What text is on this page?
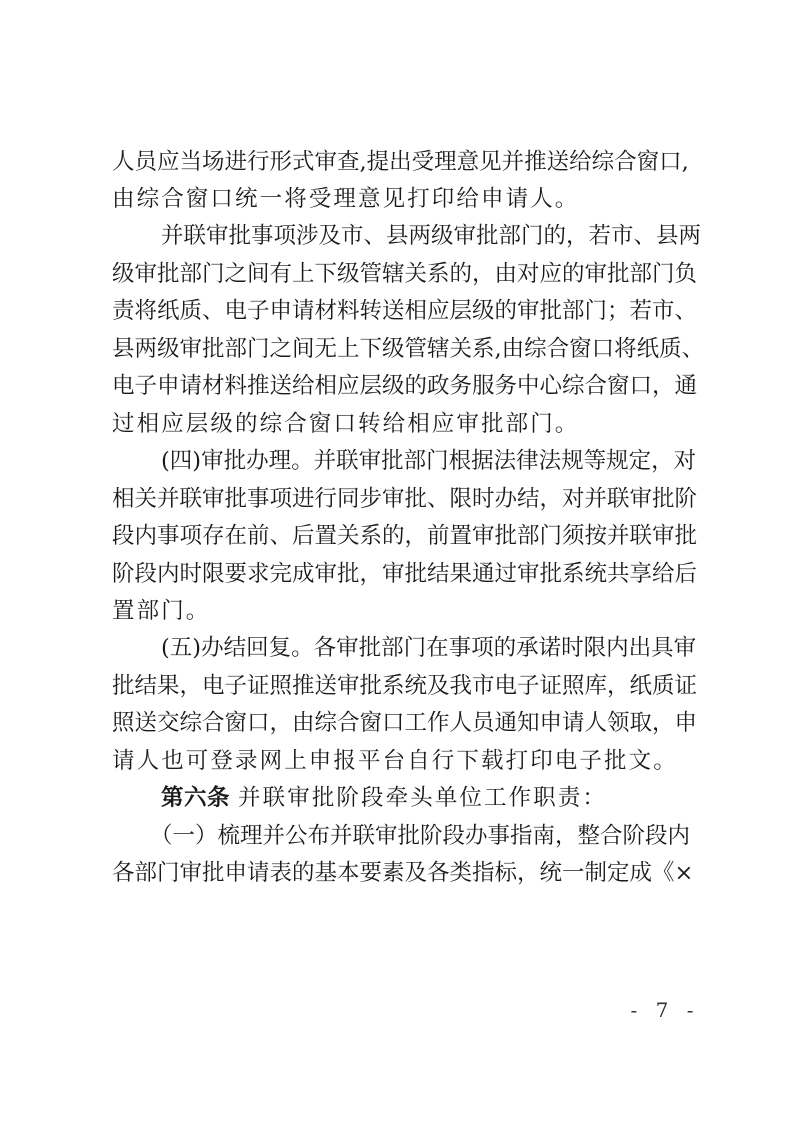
人员应当场进行形式审查,提出受理意见并推送给综合窗口,
由综合窗口统一将受理意见打印给申请人。
并联审批事项涉及市、县两级审批部门的，若市、县两
级审批部门之间有上下级管辖关系的，由对应的审批部门负
责将纸质、电子申请材料转送相应层级的审批部门；若市、
县两级审批部门之间无上下级管辖关系,由综合窗口将纸质、
电子申请材料推送给相应层级的政务服务中心综合窗口，通
过相应层级的综合窗口转给相应审批部门。
(四)审批办理。并联审批部门根据法律法规等规定，对
相关并联审批事项进行同步审批、限时办结，对并联审批阶
段内事项存在前、后置关系的，前置审批部门须按并联审批
阶段内时限要求完成审批，审批结果通过审批系统共享给后
置部门。
(五)办结回复。各审批部门在事项的承诺时限内出具审
批结果，电子证照推送审批系统及我市电子证照库，纸质证
照送交综合窗口，由综合窗口工作人员通知申请人领取，申
请人也可登录网上申报平台自行下载打印电子批文。
第六条 并联审批阶段牵头单位工作职责：
（一）梳理并公布并联审批阶段办事指南，整合阶段内
各部门审批申请表的基本要素及各类指标，统一制定成《×
- 7 -
